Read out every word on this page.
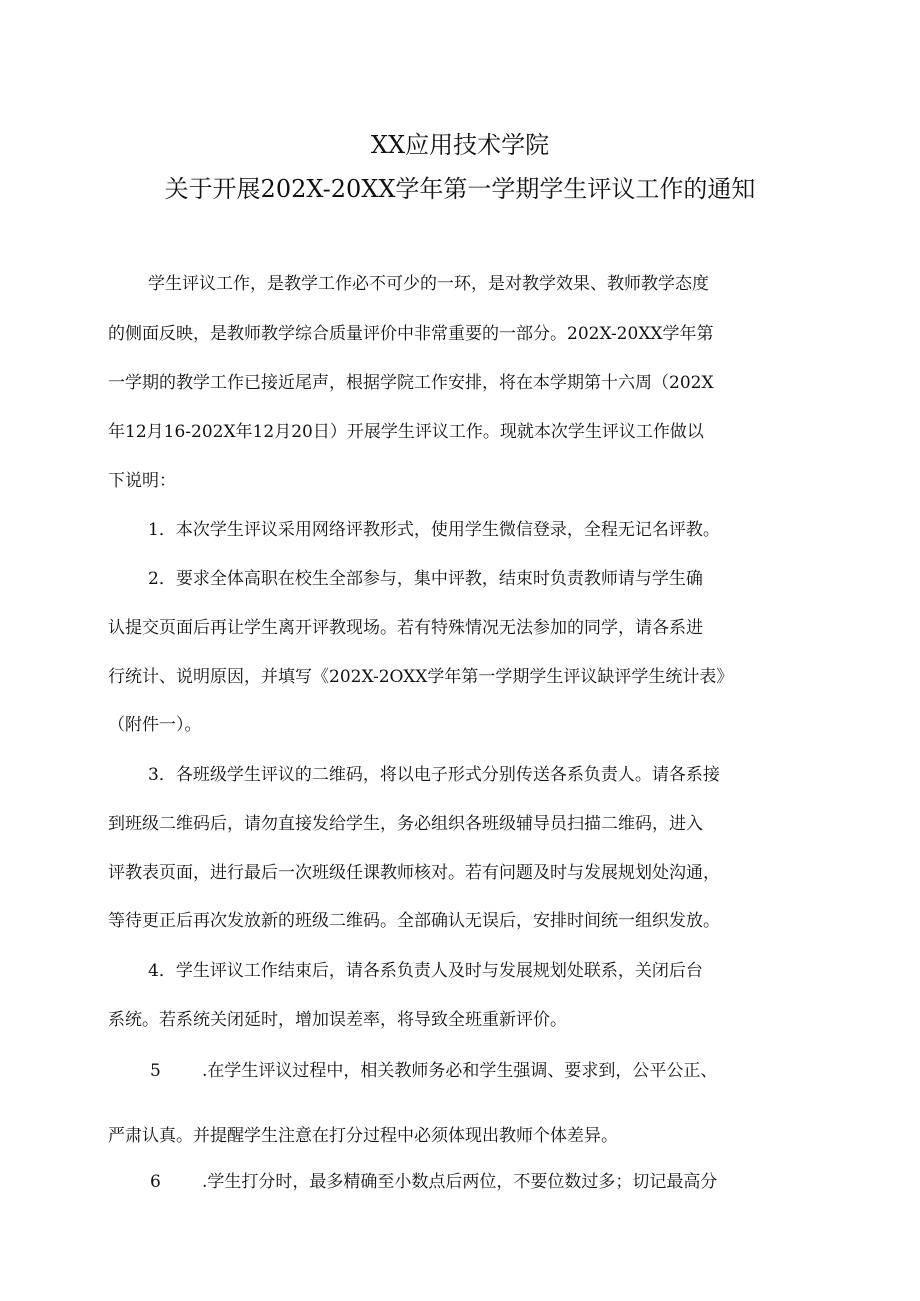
XX应用技术学院
关于开展202X-20XX学年第一学期学生评议工作的通知
学生评议工作，是教学工作必不可少的一环，是对教学效果、教师教学态度
的侧面反映，是教师教学综合质量评价中非常重要的一部分。202X-20XX学年第
一学期的教学工作已接近尾声，根据学院工作安排，将在本学期第十六周（202X
年12月16-202X年12月20日）开展学生评议工作。现就本次学生评议工作做以
下说明：
1．本次学生评议采用网络评教形式，使用学生微信登录，全程无记名评教。
2．要求全体高职在校生全部参与，集中评教，结束时负责教师请与学生确
认提交页面后再让学生离开评教现场。若有特殊情况无法参加的同学，请各系进
行统计、说明原因，并填写《202X-2OXX学年第一学期学生评议缺评学生统计表》
（附件一）。
3．各班级学生评议的二维码，将以电子形式分别传送各系负责人。请各系接
到班级二维码后，请勿直接发给学生，务必组织各班级辅导员扫描二维码，进入
评教表页面，进行最后一次班级任课教师核对。若有问题及时与发展规划处沟通，
等待更正后再次发放新的班级二维码。全部确认无误后，安排时间统一组织发放。
4．学生评议工作结束后，请各系负责人及时与发展规划处联系，关闭后台
系统。若系统关闭延时，增加误差率，将导致全班重新评价。
5 .在学生评议过程中，相关教师务必和学生强调、要求到，公平公正、
严肃认真。并提醒学生注意在打分过程中必须体现出教师个体差异。
6 .学生打分时，最多精确至小数点后两位，不要位数过多；切记最高分
